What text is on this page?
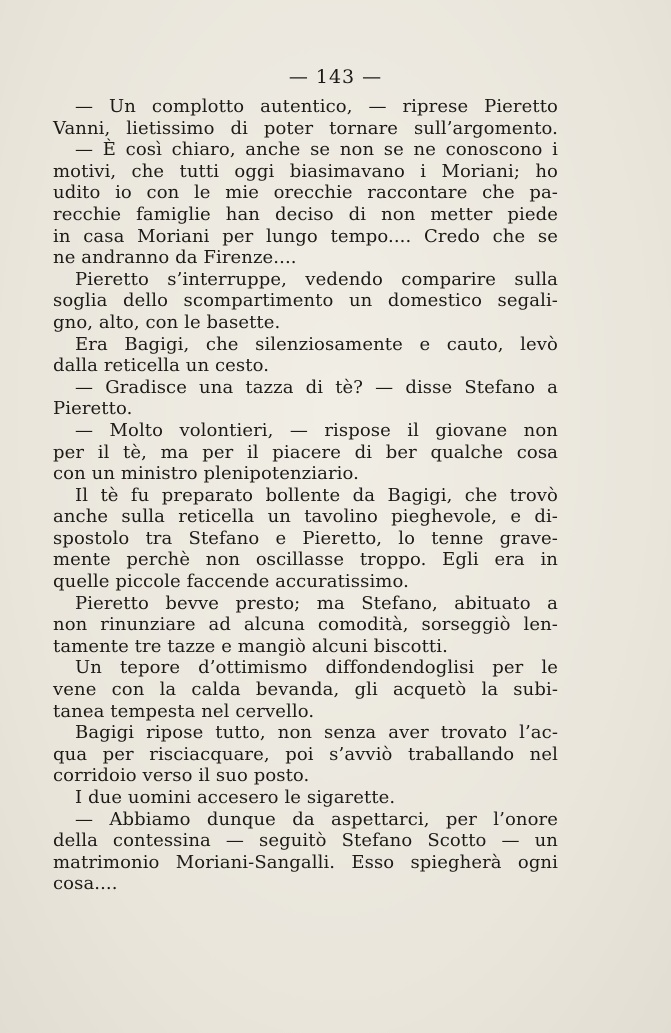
— 143 —
— Un complotto autentico, — riprese Pieretto
Vanni, lietissimo di poter tornare sull’argomento.
— È così chiaro, anche se non se ne conoscono i
motivi, che tutti oggi biasimavano i Moriani; ho
udito io con le mie orecchie raccontare che pa-
recchie famiglie han deciso di non metter piede
in casa Moriani per lungo tempo.... Credo che se
ne andranno da Firenze....
Pieretto s’interruppe, vedendo comparire sulla
soglia dello scompartimento un domestico segali-
gno, alto, con le basette.
Era Bagigi, che silenziosamente e cauto, levò
dalla reticella un cesto.
— Gradisce una tazza di tè? — disse Stefano a
Pieretto.
— Molto volontieri, — rispose il giovane non
per il tè, ma per il piacere di ber qualche cosa
con un ministro plenipotenziario.
Il tè fu preparato bollente da Bagigi, che trovò
anche sulla reticella un tavolino pieghevole, e di-
spostolo tra Stefano e Pieretto, lo tenne grave-
mente perchè non oscillasse troppo. Egli era in
quelle piccole faccende accuratissimo.
Pieretto bevve presto; ma Stefano, abituato a
non rinunziare ad alcuna comodità, sorseggiò len-
tamente tre tazze e mangiò alcuni biscotti.
Un tepore d’ottimismo diffondendoglisi per le
vene con la calda bevanda, gli acquetò la subi-
tanea tempesta nel cervello.
Bagigi ripose tutto, non senza aver trovato l’ac-
qua per risciacquare, poi s’avviò traballando nel
corridoio verso il suo posto.
I due uomini accesero le sigarette.
— Abbiamo dunque da aspettarci, per l’onore
della contessina — seguitò Stefano Scotto — un
matrimonio Moriani-Sangalli. Esso spiegherà ogni
cosa....
